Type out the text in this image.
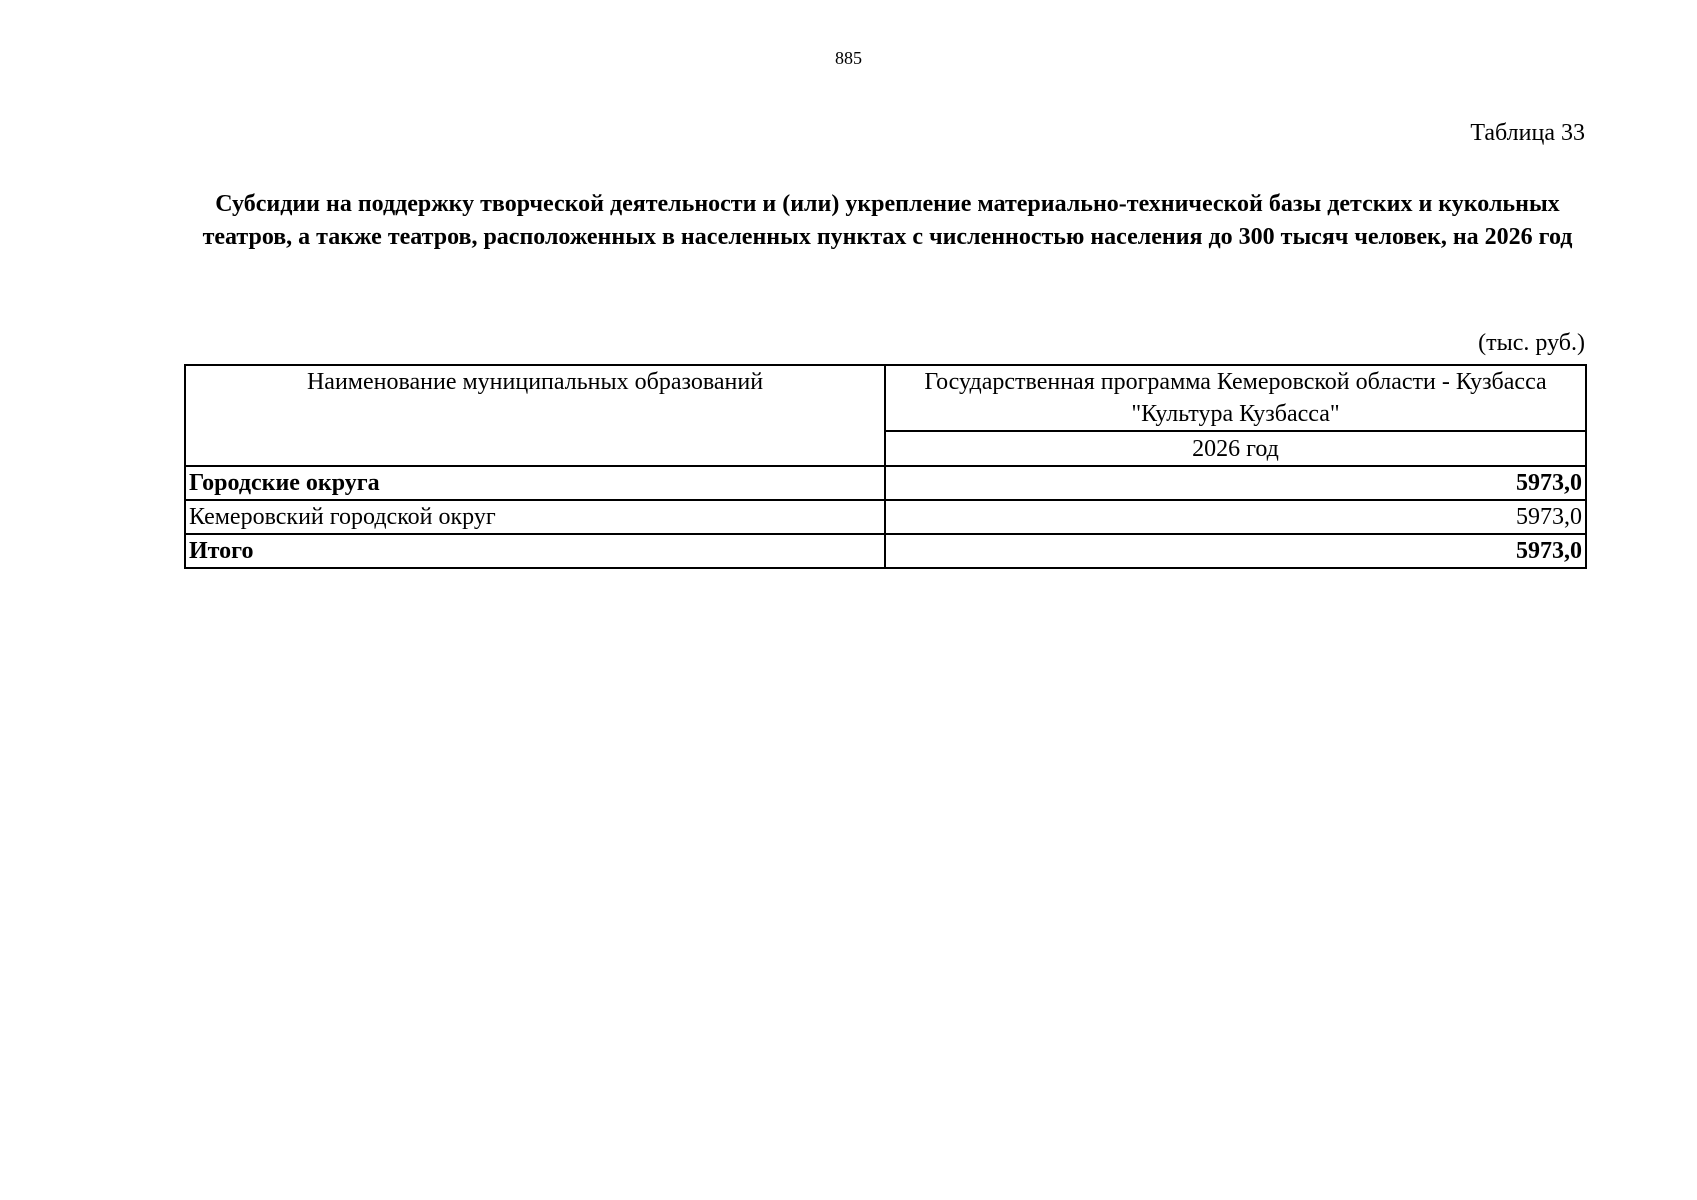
885
Таблица 33
Субсидии на поддержку творческой деятельности и (или) укрепление материально-технической базы детских и кукольных театров, а также театров, расположенных в населенных пунктах с численностью населения до 300 тысяч человек, на 2026 год
(тыс. руб.)
Наименование муниципальных образований	Государственная программа Кемеровской области - Кузбасса "Культура Кузбасса"
	2026 год
Городские округа	5973,0
Кемеровский городской округ	5973,0
Итого	5973,0
